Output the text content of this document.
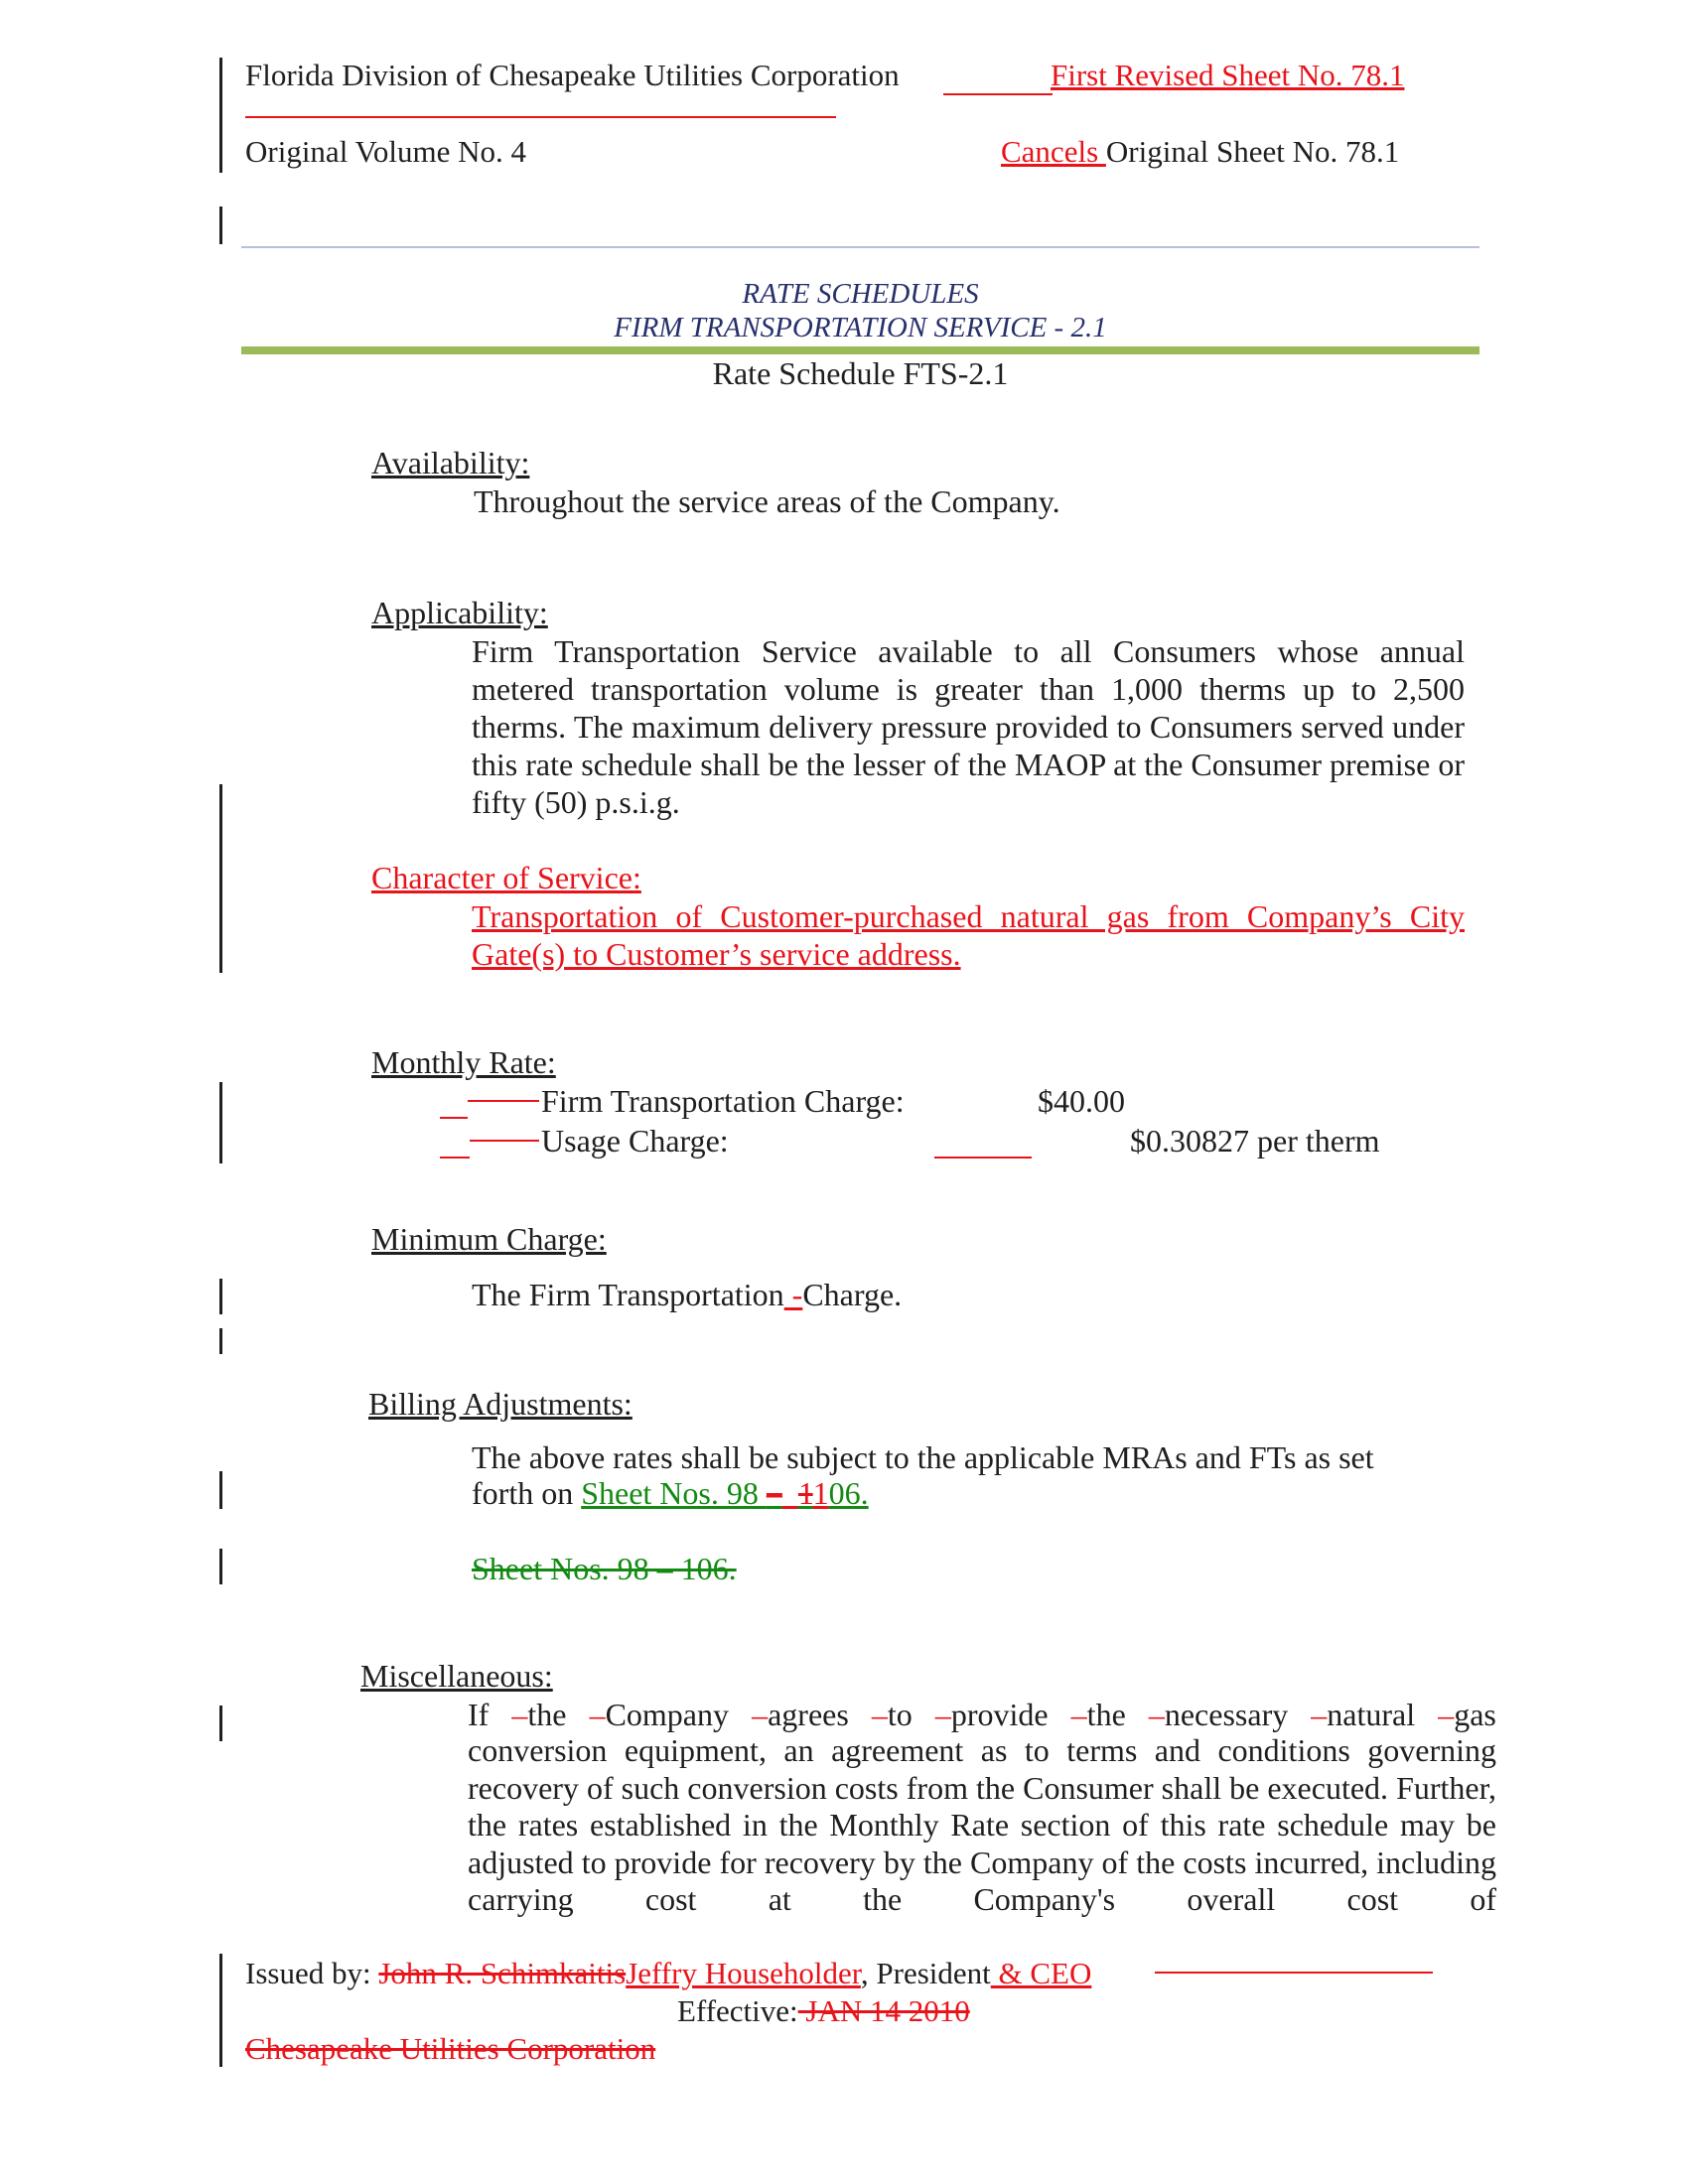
Florida Division of Chesapeake Utilities Corporation	First Revised Sheet No. 78.1
Original Volume No. 4	Cancels Original Sheet No. 78.1
RATE SCHEDULES
FIRM TRANSPORTATION SERVICE - 2.1
Rate Schedule FTS-2.1
Availability:
Throughout the service areas of the Company.
Applicability:
Firm Transportation Service available to all Consumers whose annual metered transportation volume is greater than 1,000 therms up to 2,500 therms. The maximum delivery pressure provided to Consumers served under this rate schedule shall be the lesser of the MAOP at the Consumer premise or fifty (50) p.s.i.g.
Character of Service:
Transportation of Customer-purchased natural gas from Company’s City Gate(s) to Customer’s service address.
Monthly Rate:
Firm Transportation Charge:	$40.00
Usage Charge:	$0.30827 per therm
Minimum Charge:
The Firm Transportation -Charge.
Billing Adjustments:
The above rates shall be subject to the applicable MRAs and FTs as set
forth on Sheet Nos. 98 – 1106.
Sheet Nos. 98 – 106.
Miscellaneous:
If –the –Company –agrees –to –provide –the –necessary –natural –gas
conversion equipment, an agreement as to terms and conditions governing recovery of such conversion costs from the Consumer shall be executed. Further, the rates established in the Monthly Rate section of this rate schedule may be adjusted to provide for recovery by the Company of the costs incurred, including carrying cost at the Company's overall cost of
Issued by: John R. SchimkaitisJeffry Householder, President & CEO
Effective: JAN 14 2010
Chesapeake Utilities Corporation
